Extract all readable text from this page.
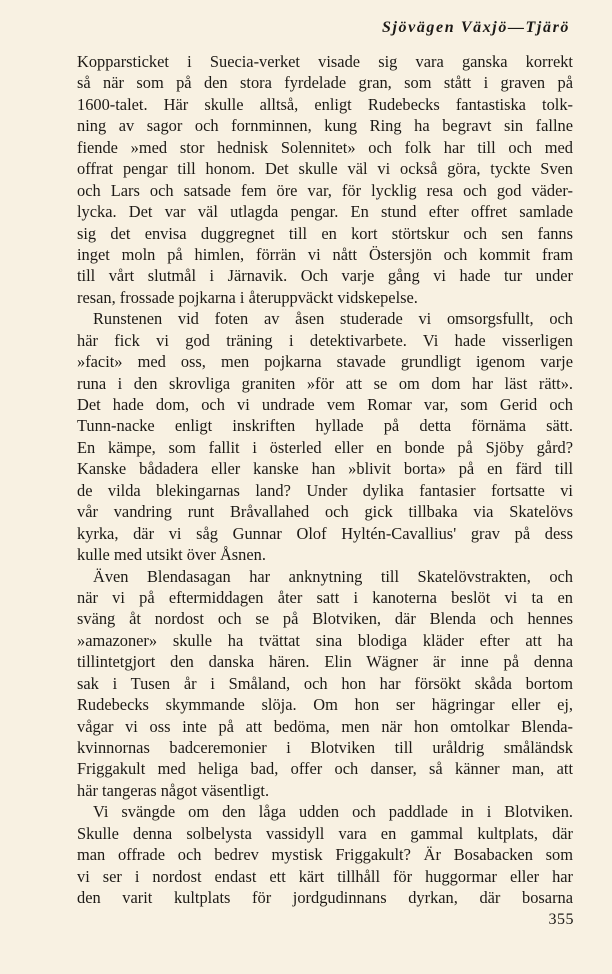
Sjövägen Växjö—Tjärö
Kopparsticket i Suecia-verket visade sig vara ganska korrekt
så när som på den stora fyrdelade gran, som stått i graven på
1600-talet. Här skulle alltså, enligt Rudebecks fantastiska tolk-
ning av sagor och fornminnen, kung Ring ha begravt sin fallne
fiende »med stor hednisk Solennitet» och folk har till och med
offrat pengar till honom. Det skulle väl vi också göra, tyckte Sven
och Lars och satsade fem öre var, för lycklig resa och god väder-
lycka. Det var väl utlagda pengar. En stund efter offret samlade
sig det envisa duggregnet till en kort störtskur och sen fanns
inget moln på himlen, förrän vi nått Östersjön och kommit fram
till vårt slutmål i Järnavik. Och varje gång vi hade tur under
resan, frossade pojkarna i återuppväckt vidskepelse.
Runstenen vid foten av åsen studerade vi omsorgsfullt, och
här fick vi god träning i detektivarbete. Vi hade visserligen
»facit» med oss, men pojkarna stavade grundligt igenom varje
runa i den skrovliga graniten »för att se om dom har läst rätt».
Det hade dom, och vi undrade vem Romar var, som Gerid och
Tunn-nacke enligt inskriften hyllade på detta förnäma sätt.
En kämpe, som fallit i österled eller en bonde på Sjöby gård?
Kanske bådadera eller kanske han »blivit borta» på en färd till
de vilda blekingarnas land? Under dylika fantasier fortsatte vi
vår vandring runt Bråvallahed och gick tillbaka via Skatelövs
kyrka, där vi såg Gunnar Olof Hyltén-Cavallius' grav på dess
kulle med utsikt över Åsnen.
Även Blendasagan har anknytning till Skatelövstrakten, och
när vi på eftermiddagen åter satt i kanoterna beslöt vi ta en
sväng åt nordost och se på Blotviken, där Blenda och hennes
»amazoner» skulle ha tvättat sina blodiga kläder efter att ha
tillintetgjort den danska hären. Elin Wägner är inne på denna
sak i Tusen år i Småland, och hon har försökt skåda bortom
Rudebecks skymmande slöja. Om hon ser hägringar eller ej,
vågar vi oss inte på att bedöma, men när hon omtolkar Blenda-
kvinnornas badceremonier i Blotviken till uråldrig småländsk
Friggakult med heliga bad, offer och danser, så känner man, att
här tangeras något väsentligt.
Vi svängde om den låga udden och paddlade in i Blotviken.
Skulle denna solbelysta vassidyll vara en gammal kultplats, där
man offrade och bedrev mystisk Friggakult? Är Bosabacken som
vi ser i nordost endast ett kärt tillhåll för huggormar eller har
den varit kultplats för jordgudinnans dyrkan, där bosarna
355
